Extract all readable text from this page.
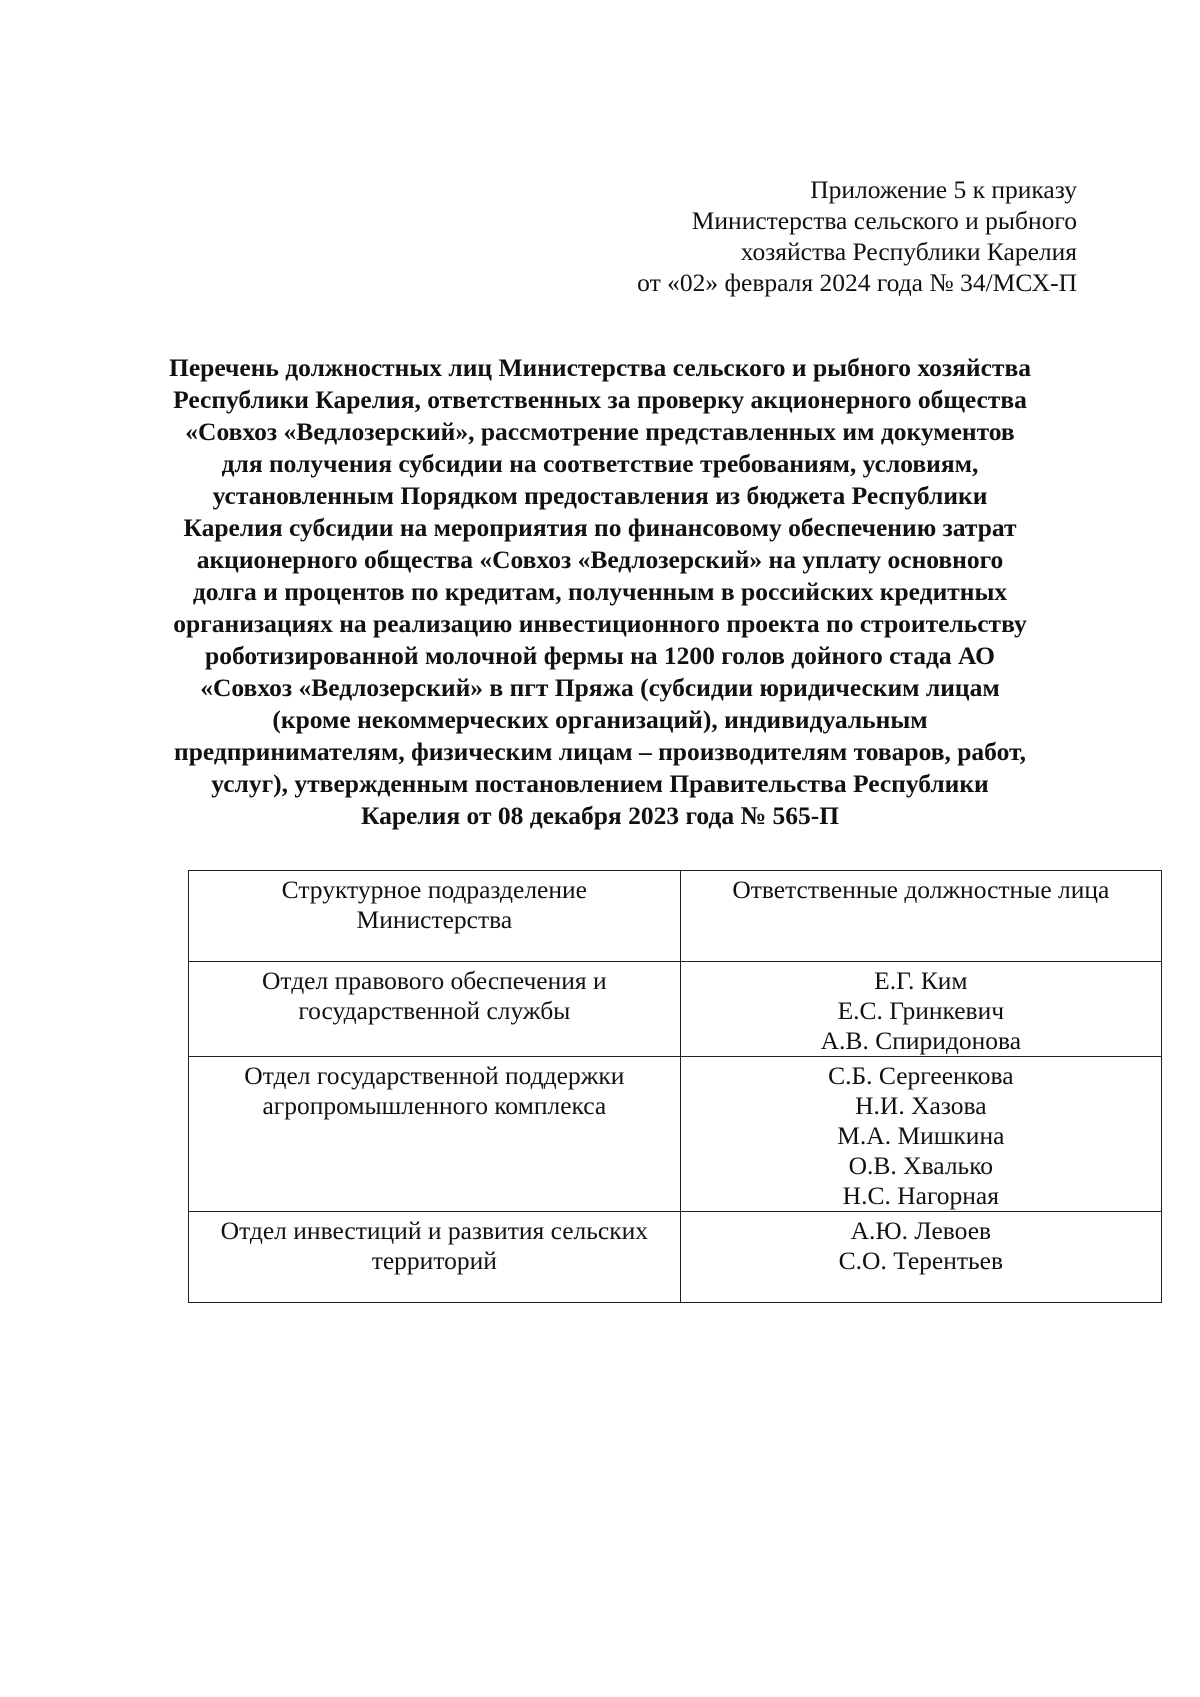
Приложение 5 к приказу
Министерства сельского и рыбного
хозяйства Республики Карелия
от «02» февраля 2024 года № 34/МСХ-П
Перечень должностных лиц Министерства сельского и рыбного хозяйства
Республики Карелия, ответственных за проверку акционерного общества
«Совхоз «Ведлозерский», рассмотрение представленных им документов
для получения субсидии на соответствие требованиям, условиям,
установленным Порядком предоставления из бюджета Республики
Карелия субсидии на мероприятия по финансовому обеспечению затрат
акционерного общества «Совхоз «Ведлозерский» на уплату основного
долга и процентов по кредитам, полученным в российских кредитных
организациях на реализацию инвестиционного проекта по строительству
роботизированной молочной фермы на 1200 голов дойного стада АО
«Совхоз «Ведлозерский» в пгт Пряжа (субсидии юридическим лицам
(кроме некоммерческих организаций), индивидуальным
предпринимателям, физическим лицам – производителям товаров, работ,
услуг), утвержденным постановлением Правительства Республики
Карелия от 08 декабря 2023 года № 565-П
Структурное подразделение
Министерства	Ответственные должностные лица

Отдел правового обеспечения и
государственной службы	Е.Г. Ким
Е.С. Гринкевич
А.В. Спиридонова

Отдел государственной поддержки
агропромышленного комплекса	С.Б. Сергеенкова
Н.И. Хазова
М.А. Мишкина
О.В. Хвалько
Н.С. Нагорная

Отдел инвестиций и развития сельских
территорий	А.Ю. Левоев
С.О. Терентьев
